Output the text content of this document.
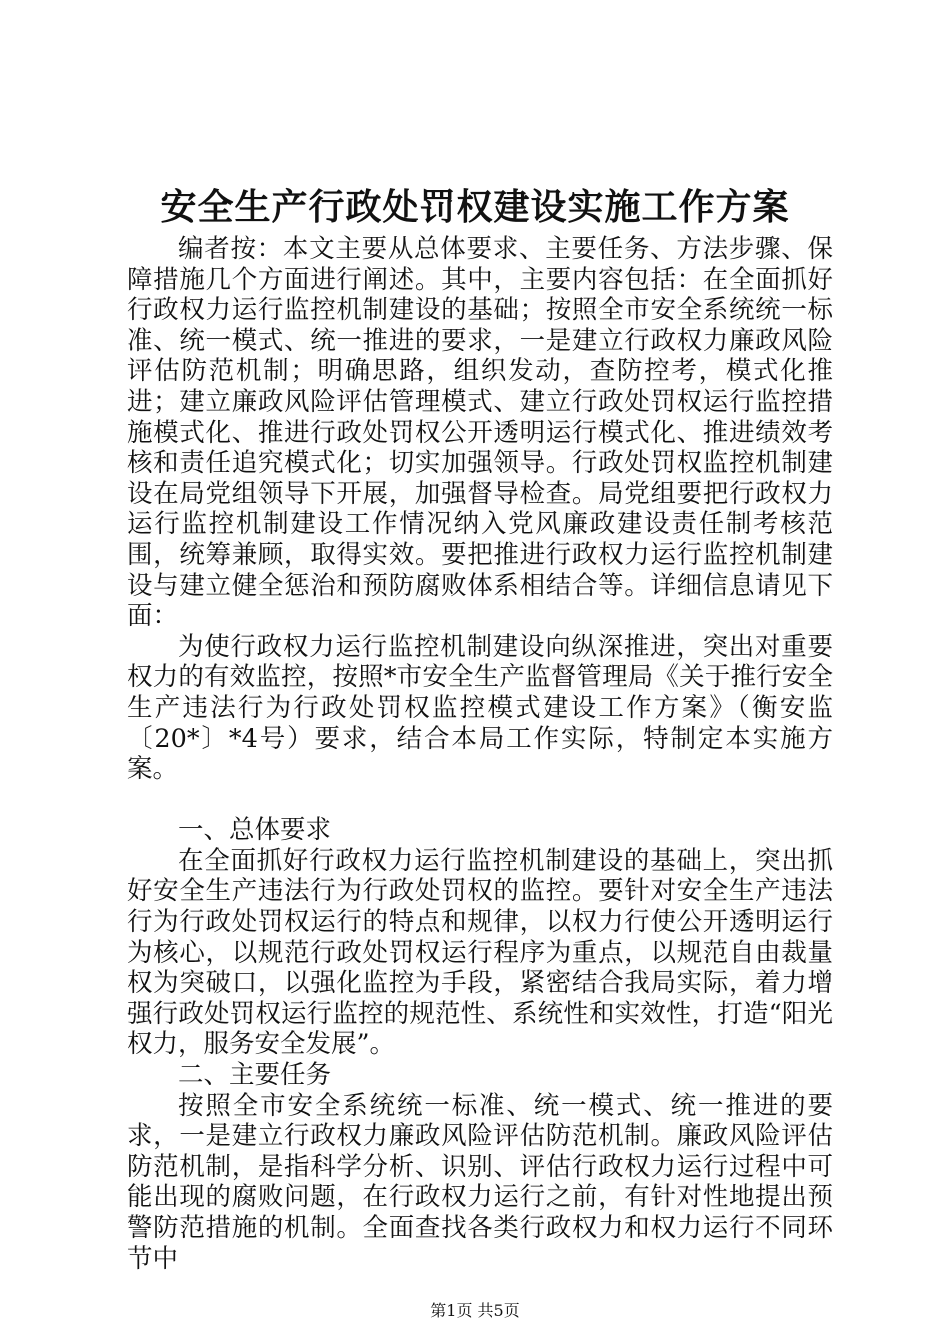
安全生产行政处罚权建设实施工作方案

编者按：本文主要从总体要求、主要任务、方法步骤、保障措施几个方面进行阐述。其中，主要内容包括：在全面抓好行政权力运行监控机制建设的基础；按照全市安全系统统一标准、统一模式、统一推进的要求，一是建立行政权力廉政风险评估防范机制；明确思路，组织发动，查防控考，模式化推进；建立廉政风险评估管理模式、建立行政处罚权运行监控措施模式化、推进行政处罚权公开透明运行模式化、推进绩效考核和责任追究模式化；切实加强领导。行政处罚权监控机制建设在局党组领导下开展，加强督导检查。局党组要把行政权力运行监控机制建设工作情况纳入党风廉政建设责任制考核范围，统筹兼顾，取得实效。要把推进行政权力运行监控机制建设与建立健全惩治和预防腐败体系相结合等。详细信息请见下面：

为使行政权力运行监控机制建设向纵深推进，突出对重要权力的有效监控，按照*市安全生产监督管理局《关于推行安全生产违法行为行政处罚权监控模式建设工作方案》（衡安监〔20*〕*4号）要求，结合本局工作实际，特制定本实施方案。

一、总体要求

在全面抓好行政权力运行监控机制建设的基础上，突出抓好安全生产违法行为行政处罚权的监控。要针对安全生产违法行为行政处罚权运行的特点和规律，以权力行使公开透明运行为核心，以规范行政处罚权运行程序为重点，以规范自由裁量权为突破口，以强化监控为手段，紧密结合我局实际，着力增强行政处罚权运行监控的规范性、系统性和实效性，打造“阳光权力，服务安全发展”。

二、主要任务

按照全市安全系统统一标准、统一模式、统一推进的要求，一是建立行政权力廉政风险评估防范机制。廉政风险评估防范机制，是指科学分析、识别、评估行政权力运行过程中可能出现的腐败问题，在行政权力运行之前，有针对性地提出预警防范措施的机制。全面查找各类行政权力和权力运行不同环节中

第1页 共5页
